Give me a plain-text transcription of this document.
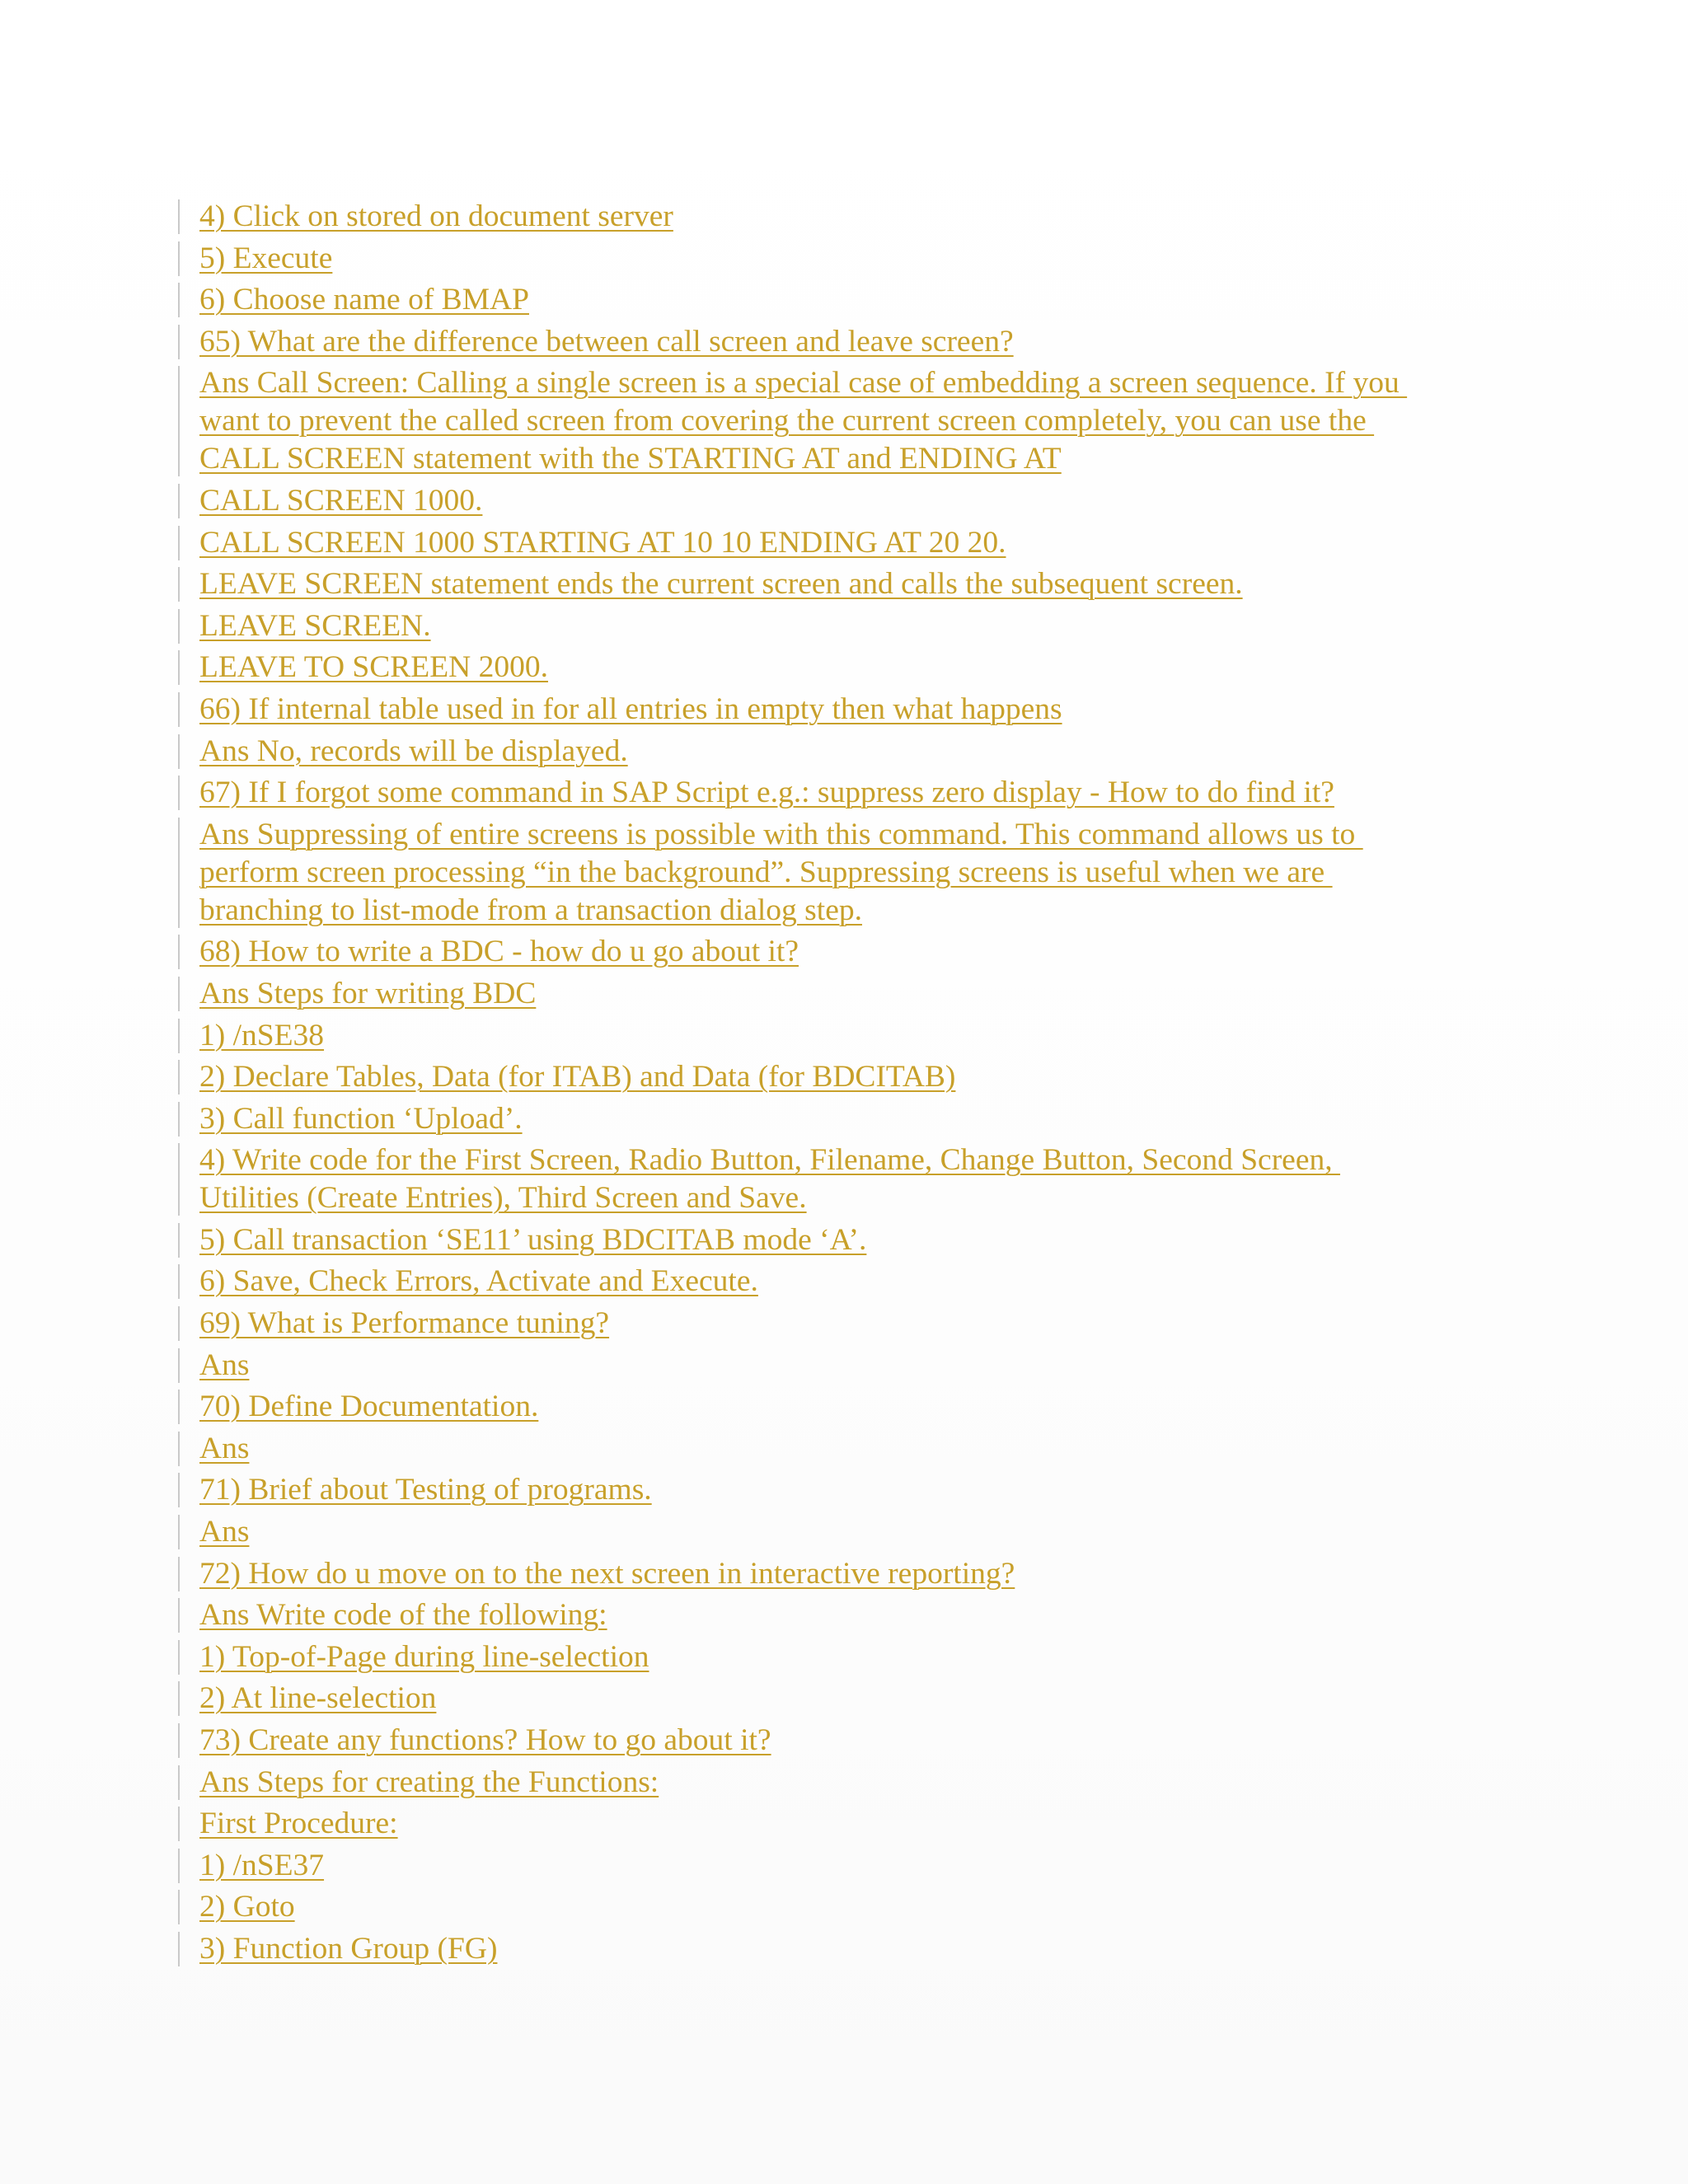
4) Click on stored on document server

5) Execute

6) Choose name of BMAP

65) What are the difference between call screen and leave screen?

Ans Call Screen: Calling a single screen is a special case of embedding a screen sequence. If you
want to prevent the called screen from covering the current screen completely, you can use the
CALL SCREEN statement with the STARTING AT and ENDING AT

CALL SCREEN 1000.

CALL SCREEN 1000 STARTING AT 10 10 ENDING AT 20 20.

LEAVE SCREEN statement ends the current screen and calls the subsequent screen.

LEAVE SCREEN.

LEAVE TO SCREEN 2000.

66) If internal table used in for all entries in empty then what happens

Ans No, records will be displayed.

67) If I forgot some command in SAP Script e.g.: suppress zero display - How to do find it?

Ans Suppressing of entire screens is possible with this command. This command allows us to
perform screen processing “in the background”. Suppressing screens is useful when we are
branching to list-mode from a transaction dialog step.

68) How to write a BDC - how do u go about it?

Ans Steps for writing BDC

1) /nSE38

2) Declare Tables, Data (for ITAB) and Data (for BDCITAB)

3) Call function ‘Upload’.

4) Write code for the First Screen, Radio Button, Filename, Change Button, Second Screen,
Utilities (Create Entries), Third Screen and Save.

5) Call transaction ‘SE11’ using BDCITAB mode ‘A’.

6) Save, Check Errors, Activate and Execute.

69) What is Performance tuning?

Ans

70) Define Documentation.

Ans

71) Brief about Testing of programs.

Ans

72) How do u move on to the next screen in interactive reporting?

Ans Write code of the following:

1) Top-of-Page during line-selection

2) At line-selection

73) Create any functions? How to go about it?

Ans Steps for creating the Functions:

First Procedure:

1) /nSE37

2) Goto

3) Function Group (FG)
